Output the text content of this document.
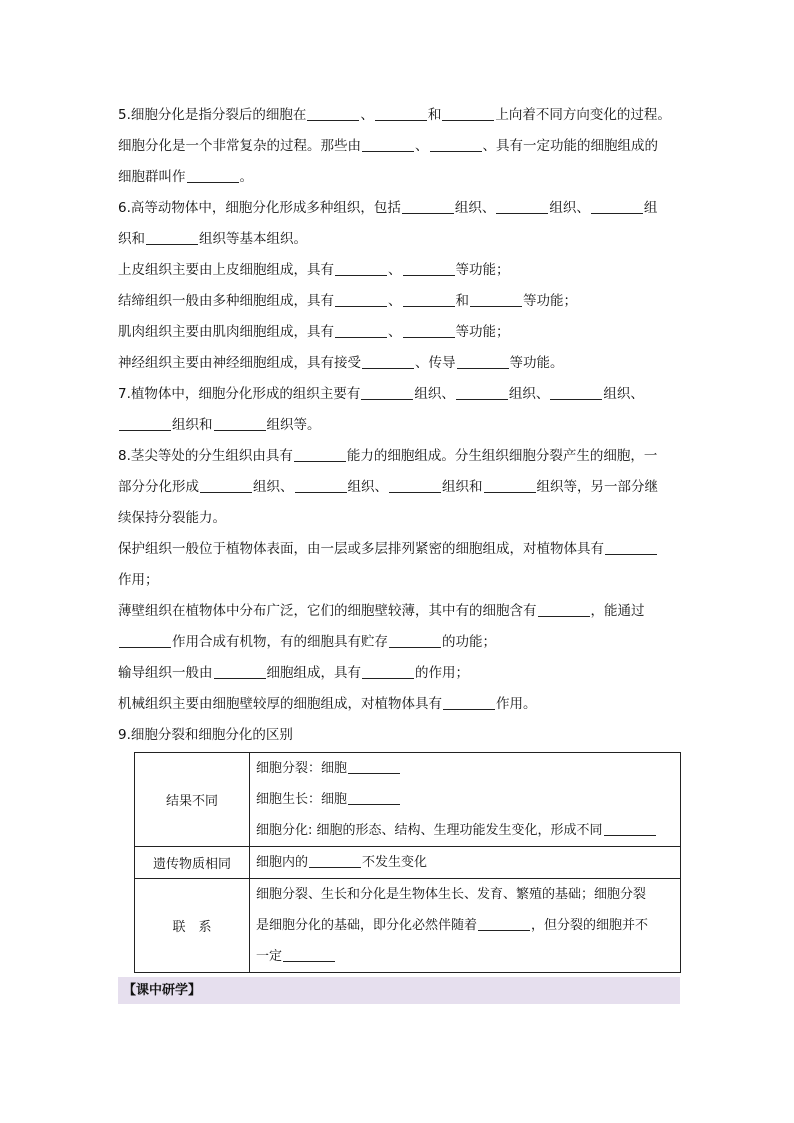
5.细胞分化是指分裂后的细胞在	、	和	上向着不同方向变化的过程。
细胞分化是一个非常复杂的过程。那些由	、	、具有一定功能的细胞组成的
细胞群叫作	。
6.高等动物体中，细胞分化形成多种组织，包括	组织、	组织、	组
织和	组织等基本组织。
上皮组织主要由上皮细胞组成，具有	、	等功能；
结缔组织一般由多种细胞组成，具有	、	和	等功能；
肌肉组织主要由肌肉细胞组成，具有	、	等功能；
神经组织主要由神经细胞组成，具有接受	、传导	等功能。
7.植物体中，细胞分化形成的组织主要有	组织、	组织、	组织、
组织和	组织等。
8.茎尖等处的分生组织由具有	能力的细胞组成。分生组织细胞分裂产生的细胞，一
部分分化形成	组织、	组织、	组织和	组织等，另一部分继
续保持分裂能力。
保护组织一般位于植物体表面，由一层或多层排列紧密的细胞组成，对植物体具有
作用；
薄壁组织在植物体中分布广泛，它们的细胞壁较薄，其中有的细胞含有	，能通过
作用合成有机物，有的细胞具有贮存	的功能；
输导组织一般由	细胞组成，具有	的作用；
机械组织主要由细胞壁较厚的细胞组成，对植物体具有	作用。
9.细胞分裂和细胞分化的区别
结果不同	细胞分裂：细胞
细胞生长：细胞
细胞分化: 细胞的形态、结构、生理功能发生变化，形成不同

遗传物质相同	细胞内的 不发生变化

联　系	细胞分裂、生长和分化是生物体生长、发育、繁殖的基础；细胞分裂
是细胞分化的基础，即分化必然伴随着 ，但分裂的细胞并不
一定
【课中研学】
